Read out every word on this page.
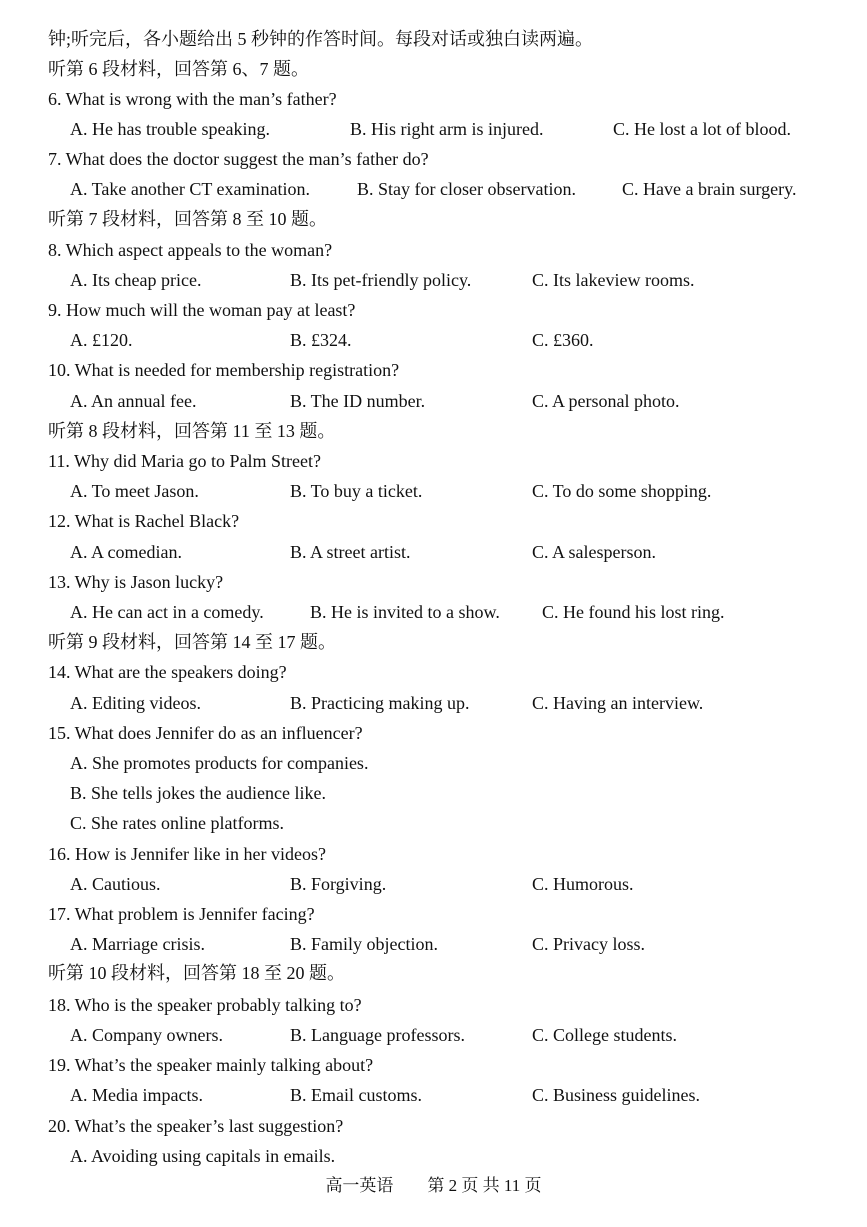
钟;听完后，各小题给出 5 秒钟的作答时间。每段对话或独白读两遍。
听第 6 段材料，回答第 6、7 题。
6. What is wrong with the man’s father?
A. He has trouble speaking.	B. His right arm is injured.	C. He lost a lot of blood.
7. What does the doctor suggest the man’s father do?
A. Take another CT examination.	B. Stay for closer observation.	C. Have a brain surgery.
听第 7 段材料，回答第 8 至 10 题。
8. Which aspect appeals to the woman?
A. Its cheap price.	B. Its pet-friendly policy.	C. Its lakeview rooms.
9. How much will the woman pay at least?
A. £120.	B. £324.	C. £360.
10. What is needed for membership registration?
A. An annual fee.	B. The ID number.	C. A personal photo.
听第 8 段材料，回答第 11 至 13 题。
11. Why did Maria go to Palm Street?
A. To meet Jason.	B. To buy a ticket.	C. To do some shopping.
12. What is Rachel Black?
A. A comedian.	B. A street artist.	C. A salesperson.
13. Why is Jason lucky?
A. He can act in a comedy.	B. He is invited to a show. C. He found his lost ring.
听第 9 段材料，回答第 14 至 17 题。
14. What are the speakers doing?
A. Editing videos.	B. Practicing making up.	C. Having an interview.
15. What does Jennifer do as an influencer?
A. She promotes products for companies.
B. She tells jokes the audience like.
C. She rates online platforms.
16. How is Jennifer like in her videos?
A. Cautious.	B. Forgiving.	C. Humorous.
17. What problem is Jennifer facing?
A. Marriage crisis.	B. Family objection.	C. Privacy loss.
听第 10 段材料，回答第 18 至 20 题。
18. Who is the speaker probably talking to?
A. Company owners.	B. Language professors.	C. College students.
19. What’s the speaker mainly talking about?
A. Media impacts.	B. Email customs.	C. Business guidelines.
20. What’s the speaker’s last suggestion?
A. Avoiding using capitals in emails.
高一英语　　第 2 页 共 11 页
